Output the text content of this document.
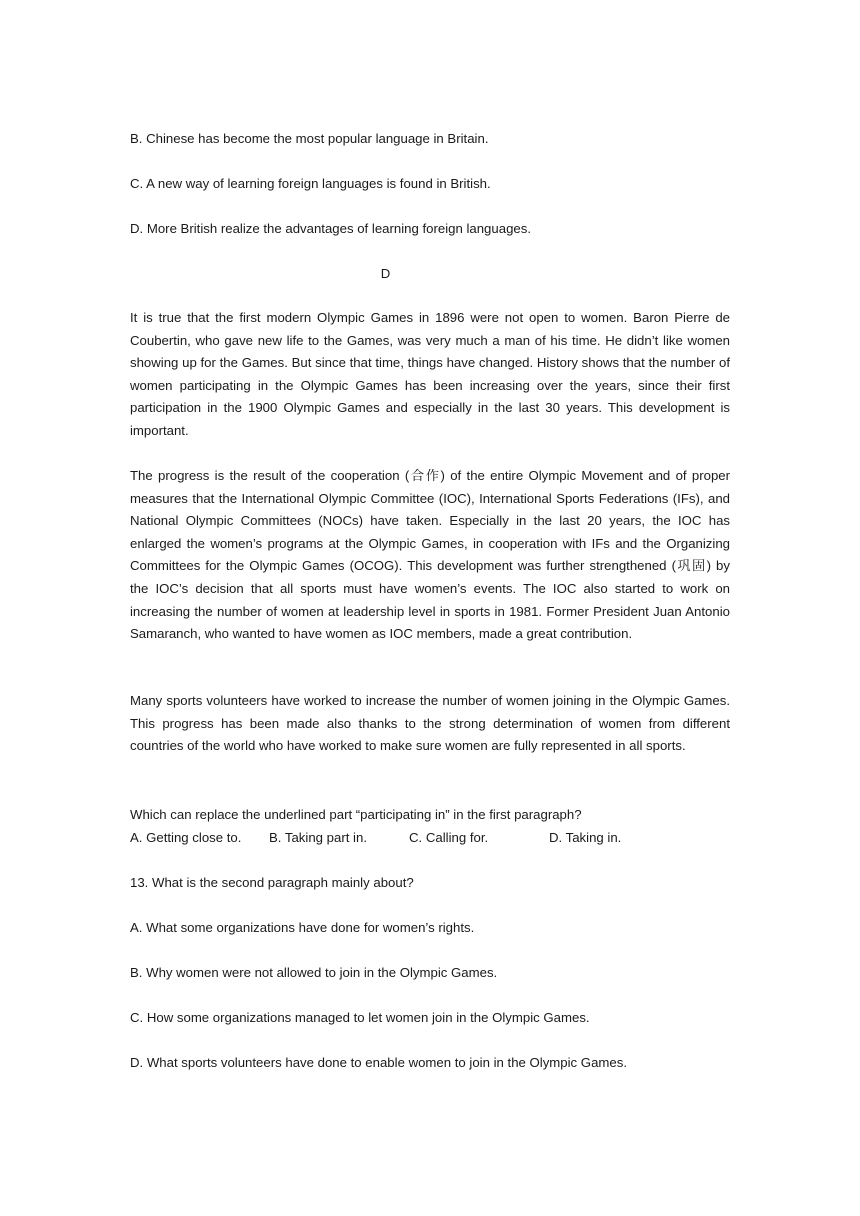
B. Chinese has become the most popular language in Britain.
C. A new way of learning foreign languages is found in British.
D. More British realize the advantages of learning foreign languages.
D
It is true that the first modern Olympic Games in 1896 were not open to women. Baron Pierre de Coubertin, who gave new life to the Games, was very much a man of his time. He didn’t like women showing up for the Games. But since that time, things have changed. History shows that the number of women participating in the Olympic Games has been increasing over the years, since their first participation in the 1900 Olympic Games and especially in the last 30 years. This development is important.
The progress is the result of the cooperation (合作) of the entire Olympic Movement and of proper measures that the International Olympic Committee (IOC), International Sports Federations (IFs), and National Olympic Committees (NOCs) have taken. Especially in the last 20 years, the IOC has enlarged the women’s programs at the Olympic Games, in cooperation with IFs and the Organizing Committees for the Olympic Games (OCOG). This development was further strengthened (巩固) by the IOC’s decision that all sports must have women’s events. The IOC also started to work on increasing the number of women at leadership level in sports in 1981. Former President Juan Antonio Samaranch, who wanted to have women as IOC members, made a great contribution.
Many sports volunteers have worked to increase the number of women joining in the Olympic Games. This progress has been made also thanks to the strong determination of women from different countries of the world who have worked to make sure women are fully represented in all sports.
Which can replace the underlined part “participating in” in the first paragraph?
A. Getting close to. B. Taking part in.	C. Calling for.	D. Taking in.
13. What is the second paragraph mainly about?
A. What some organizations have done for women’s rights.
B. Why women were not allowed to join in the Olympic Games.
C. How some organizations managed to let women join in the Olympic Games.
D. What sports volunteers have done to enable women to join in the Olympic Games.
